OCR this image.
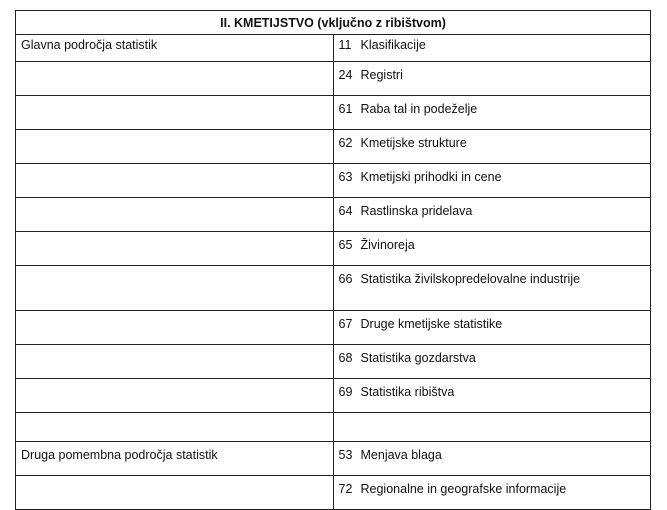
II. KMETIJSTVO (vključno z ribištvom)	
Glavna področja statistik	11 Klasifikacije

	24 Registri

	61 Raba tal in podeželje

	62 Kmetijske strukture

	63 Kmetijski prihodki in cene

	64 Rastlinska pridelava

	65 Živinoreja

	66 Statistika živilskopredelovalne industrije

	67 Druge kmetijske statistike

	68 Statistika gozdarstva

	69 Statistika ribištva

Druga pomembna področja statistik	53 Menjava blaga

	72 Regionalne in geografske informacije
